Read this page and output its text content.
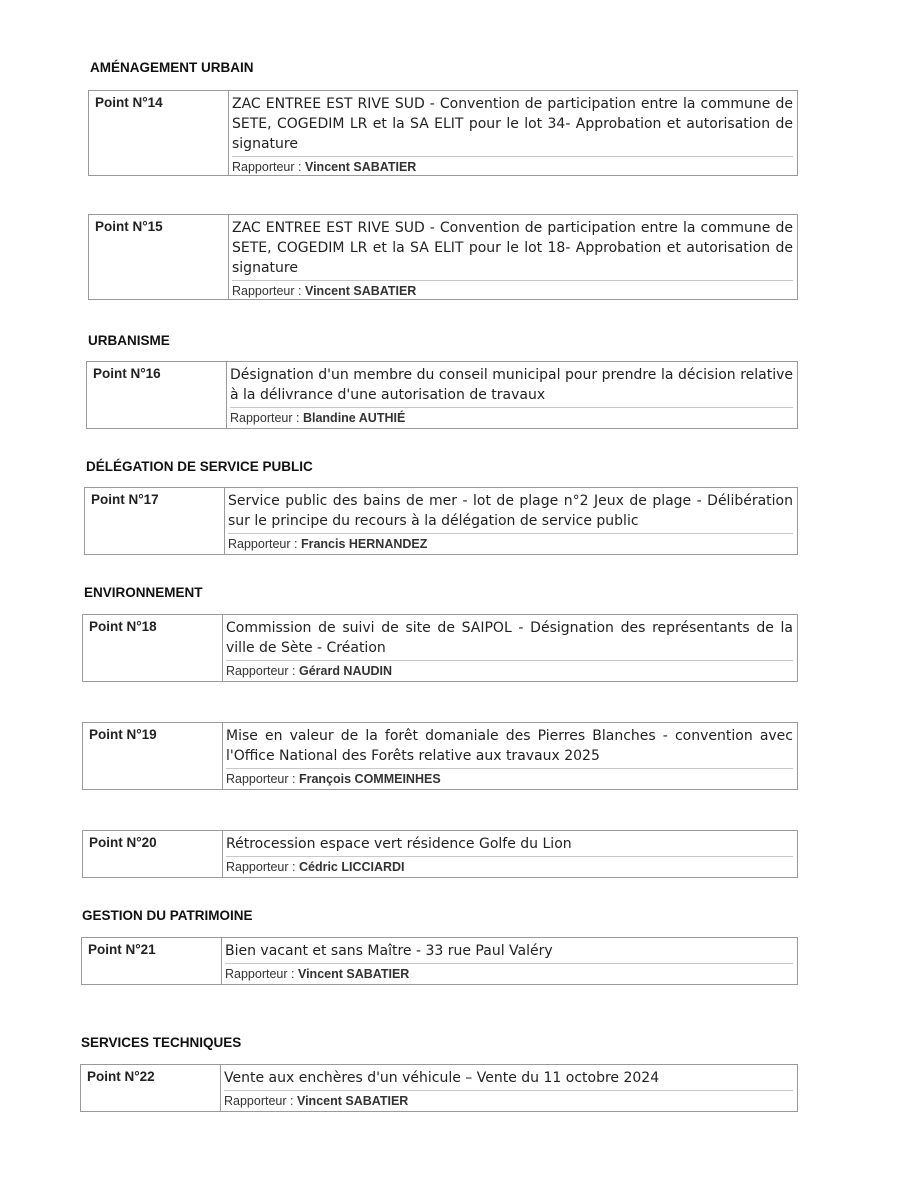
AMÉNAGEMENT URBAIN
Point N°14	ZAC ENTREE EST RIVE SUD - Convention de participation entre la commune de SETE, COGEDIM LR et la SA ELIT pour le lot 34- Approbation et autorisation de signature
Rapporteur : Vincent SABATIER
Point N°15	ZAC ENTREE EST RIVE SUD - Convention de participation entre la commune de SETE, COGEDIM LR et la SA ELIT pour le lot 18- Approbation et autorisation de signature
Rapporteur : Vincent SABATIER
URBANISME
Point N°16	Désignation d'un membre du conseil municipal pour prendre la décision relative à la délivrance d'une autorisation de travaux
Rapporteur : Blandine AUTHIÉ
DÉLÉGATION DE SERVICE PUBLIC
Point N°17	Service public des bains de mer - lot de plage n°2 Jeux de plage - Délibération sur le principe du recours à la délégation de service public
Rapporteur : Francis HERNANDEZ
ENVIRONNEMENT
Point N°18	Commission de suivi de site de SAIPOL - Désignation des représentants de la ville de Sète - Création
Rapporteur : Gérard NAUDIN
Point N°19	Mise en valeur de la forêt domaniale des Pierres Blanches - convention avec l'Office National des Forêts relative aux travaux 2025
Rapporteur : François COMMEINHES
Point N°20	Rétrocession espace vert résidence Golfe du Lion
Rapporteur : Cédric LICCIARDI
GESTION DU PATRIMOINE
Point N°21	Bien vacant et sans Maître - 33 rue Paul Valéry
Rapporteur : Vincent SABATIER
SERVICES TECHNIQUES
Point N°22	Vente aux enchères d'un véhicule – Vente du 11 octobre 2024
Rapporteur : Vincent SABATIER
